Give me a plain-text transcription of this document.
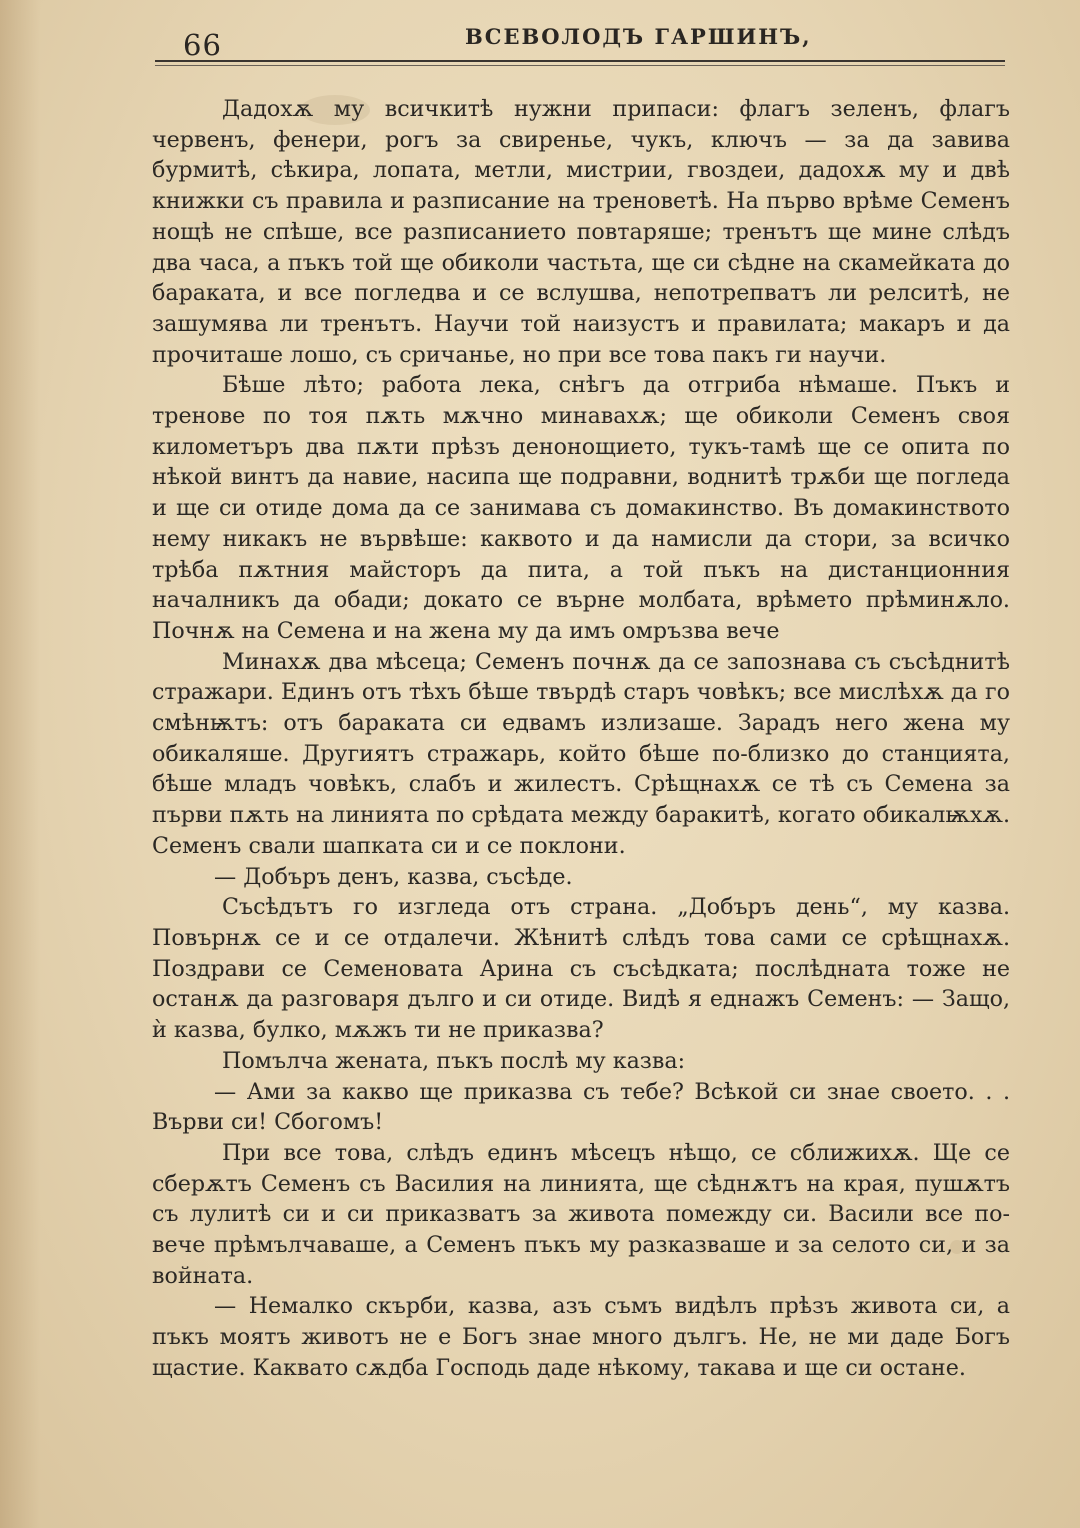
66	ВСЕВОЛОДЪ ГАРШИНЪ,

Дадохѫ му всичкитѣ нужни припаси: флагъ зеленъ, флагъ червенъ, фенери, рогъ за свиренье, чукъ, ключъ — за да завива бурмитѣ, сѣкира, лопата, метли, мистрии, гвоздеи, дадохѫ му и двѣ книжки съ правила и разписание на треноветѣ. На първо врѣме Семенъ нощѣ не спѣше, все разписанието повтаряше; тренътъ ще мине слѣдъ два часа, а пъкъ той ще обиколи частьта, ще си сѣдне на скамейката до бараката, и все погледва и се вслушва, непотрепватъ ли релситѣ, не зашумява ли тренътъ. Научи той наизустъ и правилата; макаръ и да прочиташе лошо, съ сричанье, но при все това пакъ ги научи.

Бѣше лѣто; работа лека, снѣгъ да отгриба нѣмаше. Пъкъ и тренове по тоя пѫть мѫчно минавахѫ; ще обиколи Семенъ своя километъръ два пѫти прѣзъ денонощието, тукъ-тамѣ ще се опита по нѣкой винтъ да навие, насипа ще подравни, воднитѣ трѫби ще погледа и ще си отиде дома да се занимава съ домакинство. Въ домакинството нему никакъ не вървѣше: каквото и да намисли да стори, за всичко трѣба пѫтния майсторъ да пита, а той пъкъ на дистанционния началникъ да обади; докато се върне молбата, врѣмето прѣминѫло. Почнѫ на Семена и на жена му да имъ омръзва вече

Минахѫ два мѣсеца; Семенъ почнѫ да се запознава съ съсѣднитѣ стражари. Единъ отъ тѣхъ бѣше твърдѣ старъ човѣкъ; все мислѣхѫ да го смѣнѭтъ: отъ бараката си едвамъ излизаше. Зарадъ него жена му обикаляше. Другиятъ стражарь, който бѣше по-близко до станцията, бѣше младъ човѣкъ, слабъ и жилестъ. Срѣщнахѫ се тѣ съ Семена за първи пѫть на линията по срѣдата между баракитѣ, когато обикалѭхѫ. Семенъ свали шапката си и се поклони.

— Добъръ денъ, казва, съсѣде.

Съсѣдътъ го изгледа отъ страна. „Добъръ день“, му казва. Повърнѫ се и се отдалечи. Жѣнитѣ слѣдъ това сами се срѣщнахѫ. Поздрави се Семеновата Арина съ съсѣдката; послѣдната тоже не останѫ да разговаря дълго и си отиде. Видѣ я еднажъ Семенъ: — Защо, ѝ казва, булко, мѫжъ ти не приказва?

Помълча жената, пъкъ послѣ му казва:

— Ами за какво ще приказва съ тебе? Всѣкой си знае своето. . . Върви си! Сбогомъ!

При все това, слѣдъ единъ мѣсецъ нѣщо, се сближихѫ. Ще се сберѫтъ Семенъ съ Василия на линията, ще сѣднѫтъ на края, пушѫтъ съ лулитѣ си и си приказватъ за живота помежду си. Васили все по-вече прѣмълчаваше, а Семенъ пъкъ му разказваше и за селото си, и за войната.

— Немалко скърби, казва, азъ съмъ видѣлъ прѣзъ живота си, а пъкъ моятъ животъ не е Богъ знае много дългъ. Не, не ми даде Богъ щастие. Каквато сѫдба Господь даде нѣкому, такава и ще си остане.
